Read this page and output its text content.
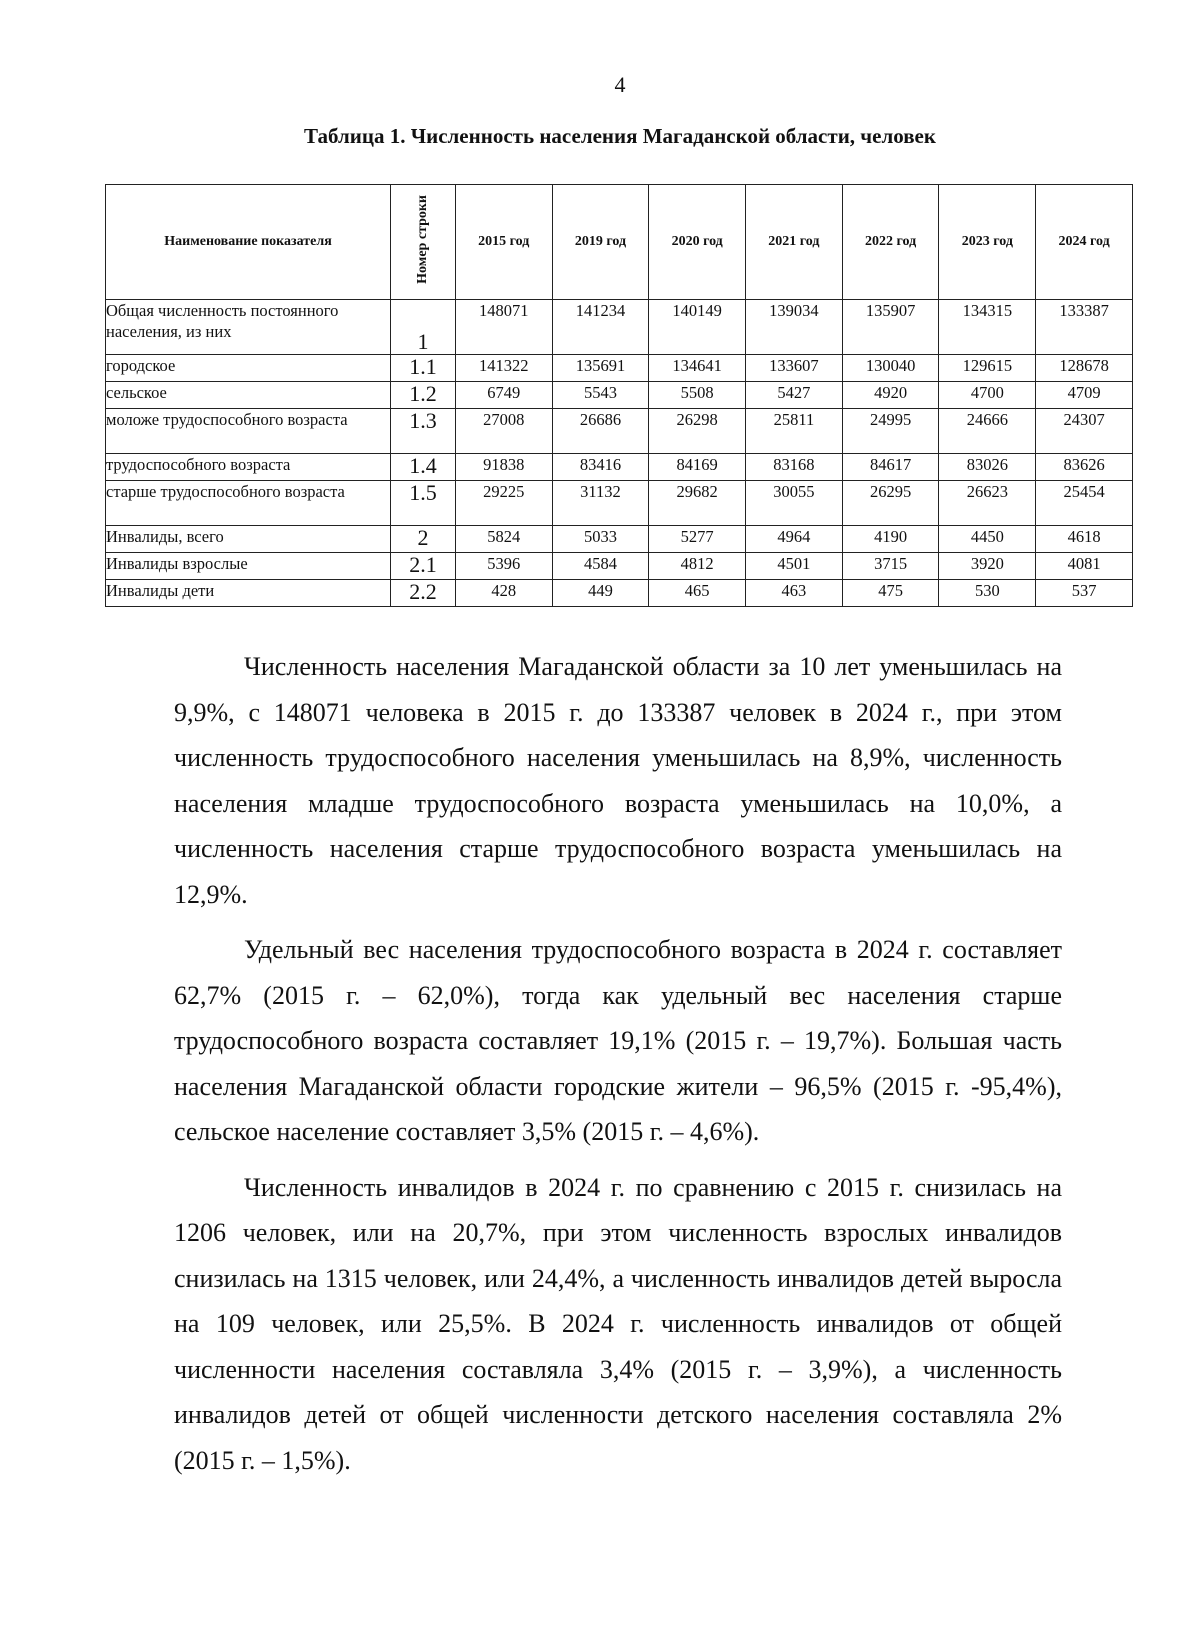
4
Таблица 1. Численность населения Магаданской области, человек
Наименование показателя	Номер строки	2015 год	2019 год	2020 год	2021 год	2022 год	2023 год	2024 год
Общая численность постоянного населения, из них	1	148071	141234	140149	139034	135907	134315	133387
городское	1.1	141322	135691	134641	133607	130040	129615	128678
сельское	1.2	6749	5543	5508	5427	4920	4700	4709
моложе трудоспособного возраста	1.3	27008	26686	26298	25811	24995	24666	24307
трудоспособного возраста	1.4	91838	83416	84169	83168	84617	83026	83626
старше трудоспособного возраста	1.5	29225	31132	29682	30055	26295	26623	25454
Инвалиды, всего	2	5824	5033	5277	4964	4190	4450	4618
Инвалиды взрослые	2.1	5396	4584	4812	4501	3715	3920	4081
Инвалиды дети	2.2	428	449	465	463	475	530	537

Численность населения Магаданской области за 10 лет уменьшилась на 9,9%, с 148071 человека в 2015 г. до 133387 человек в 2024 г., при этом численность трудоспособного населения уменьшилась на 8,9%, численность населения младше трудоспособного возраста уменьшилась на 10,0%, а численность населения старше трудоспособного возраста уменьшилась на 12,9%.

Удельный вес населения трудоспособного возраста в 2024 г. составляет 62,7% (2015 г. – 62,0%), тогда как удельный вес населения старше трудоспособного возраста составляет 19,1% (2015 г. – 19,7%). Большая часть населения Магаданской области городские жители – 96,5% (2015 г. -95,4%), сельское население составляет 3,5% (2015 г. – 4,6%).

Численность инвалидов в 2024 г. по сравнению с 2015 г. снизилась на 1206 человек, или на 20,7%, при этом численность взрослых инвалидов снизилась на 1315 человек, или 24,4%, а численность инвалидов детей выросла на 109 человек, или 25,5%. В 2024 г. численность инвалидов от общей численности населения составляла 3,4% (2015 г. – 3,9%), а численность инвалидов детей от общей численности детского населения составляла 2% (2015 г. – 1,5%).
